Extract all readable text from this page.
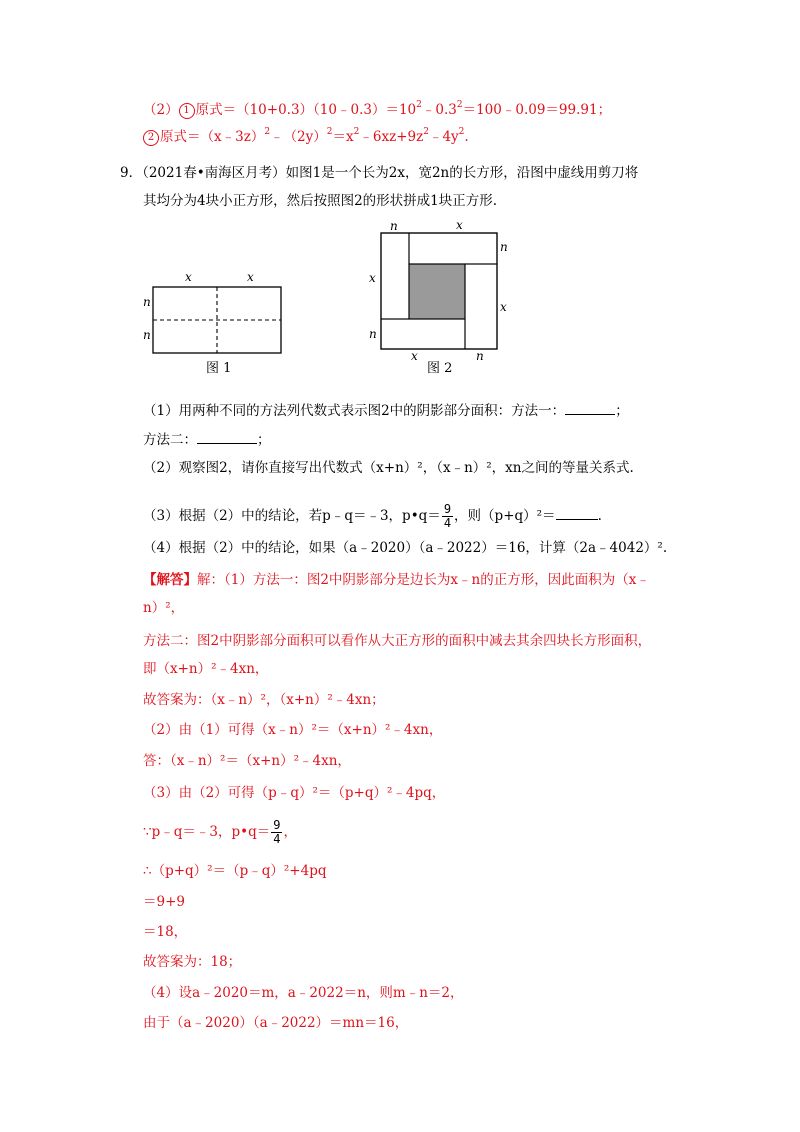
（2） 1 原式$=(10+0.3)(10﹣0.3)=10^2﹣0.3^2=100﹣0.09=99.91$；
2 原式$=(x﹣3z)^2﹣(2y)^2=x^2﹣6xz+9z^2﹣4y^2$.
9．（2021春•南海区月考）如图1是一个长为2x，宽2n的长方形，沿图中虚线用剪刀将
其均分为4块小正方形，然后按照图2的形状拼成1块正方形.
x	x
n
n
图 1
n	x
n
x
x
n
x	n
图 2
（1）用两种不同的方法列代数式表示图2中的阴影部分面积：方法一：	；
方法二：	；
（2）观察图2，请你直接写出代数式（x+n）²，（x﹣n）²，xn之间的等量关系式.
（3）根据（2）中的结论，若p﹣q＝﹣3，p•q＝ $\frac{9}{4}$ ，则（p+q）²＝	.
（4）根据（2）中的结论，如果（a﹣2020）（a﹣2022）＝16，计算（2a﹣4042）².
【解答】解：（1）方法一：图2中阴影部分是边长为x﹣n的正方形，因此面积为（x﹣
n）²，
方法二：图2中阴影部分面积可以看作从大正方形的面积中减去其余四块长方形面积，
即（x+n）²﹣4xn，
故答案为：（x﹣n）²，（x+n）²﹣4xn；
（2）由（1）可得（x﹣n）²＝（x+n）²﹣4xn，
答：（x﹣n）²＝（x+n）²﹣4xn，
（3）由（2）可得（p﹣q）²＝（p+q）²﹣4pq，
∵p﹣q＝﹣3，p•q＝ $\frac{9}{4}$ ，
∴（p+q）²＝（p﹣q）²+4pq
＝9+9
＝18，
故答案为：18；
（4）设a﹣2020＝m，a﹣2022＝n，则m﹣n＝2，
由于（a﹣2020）（a﹣2022）＝mn＝16，
